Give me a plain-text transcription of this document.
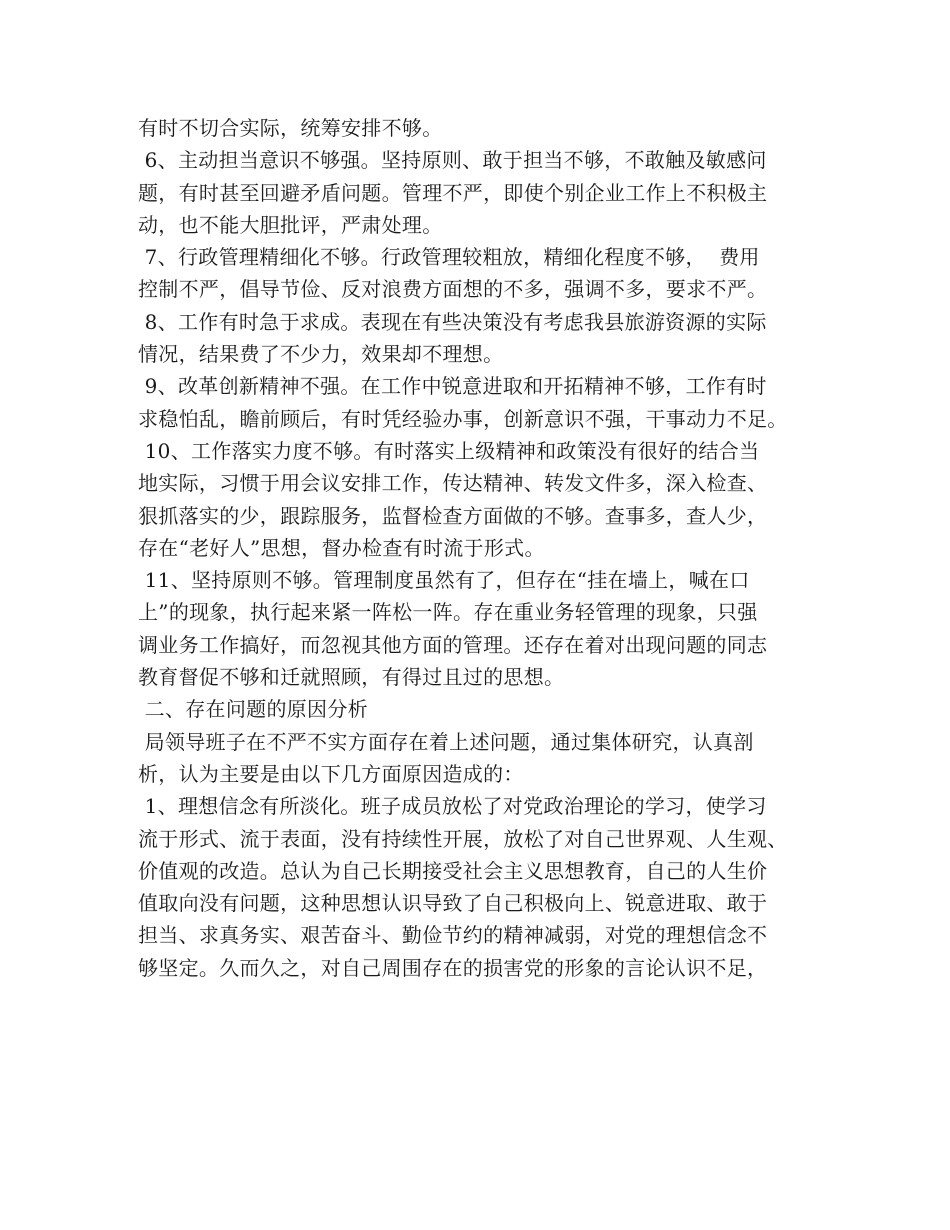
有时不切合实际，统筹安排不够。
6、主动担当意识不够强。坚持原则、敢于担当不够，不敢触及敏感问
题，有时甚至回避矛盾问题。管理不严，即使个别企业工作上不积极主
动，也不能大胆批评，严肃处理。
7、行政管理精细化不够。行政管理较粗放，精细化程度不够，  费用
控制不严，倡导节俭、反对浪费方面想的不多，强调不多，要求不严。
8、工作有时急于求成。表现在有些决策没有考虑我县旅游资源的实际
情况，结果费了不少力，效果却不理想。
9、改革创新精神不强。在工作中锐意进取和开拓精神不够，工作有时
求稳怕乱，瞻前顾后，有时凭经验办事，创新意识不强，干事动力不足。
10、工作落实力度不够。有时落实上级精神和政策没有很好的结合当
地实际，习惯于用会议安排工作，传达精神、转发文件多，深入检查、
狠抓落实的少，跟踪服务，监督检查方面做的不够。查事多，查人少，
存在“老好人”思想，督办检查有时流于形式。
11、坚持原则不够。管理制度虽然有了，但存在“挂在墙上，喊在口
上”的现象，执行起来紧一阵松一阵。存在重业务轻管理的现象，只强
调业务工作搞好，而忽视其他方面的管理。还存在着对出现问题的同志
教育督促不够和迁就照顾，有得过且过的思想。
二、存在问题的原因分析
局领导班子在不严不实方面存在着上述问题，通过集体研究，认真剖
析，认为主要是由以下几方面原因造成的：
1、理想信念有所淡化。班子成员放松了对党政治理论的学习，使学习
流于形式、流于表面，没有持续性开展，放松了对自己世界观、人生观、
价值观的改造。总认为自己长期接受社会主义思想教育，自己的人生价
值取向没有问题，这种思想认识导致了自己积极向上、锐意进取、敢于
担当、求真务实、艰苦奋斗、勤俭节约的精神减弱，对党的理想信念不
够坚定。久而久之，对自己周围存在的损害党的形象的言论认识不足，
